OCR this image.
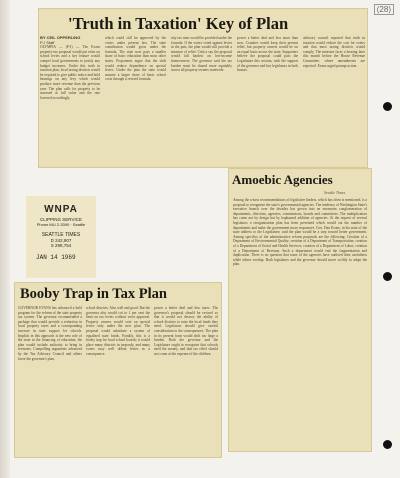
(28)
'Truth in Taxation' Key of Plan
BY CEIL OPPERLING
P-I Staff
OLYMPIA — (P-I) — The Evans property-tax proposal would put reins on school levies and a key feature would compel local governments to justify any budget increases. Under this truth in taxation plan, local taxing districts would be required to give public notice and hold hearings on any levy which would produce more revenue than the previous year. The plan calls for property to be assessed at full value and the rate lowered accordingly.
which could still be approved by the voters under present law. The state contribution would grow under the formula. The state now pays a smaller share of basic education than most other states. Proponents argue that the shift would reduce dependence on special levies. Under the plan the state would assume a larger share of basic school costs through a revised formula.
nity tax rates would be provided under the formula. If the voters voted against levies in the past, the plan would still provide a measure of relief. Critics say the proposal would fall hardest on low-income homeowners. The governor said the tax burden must be shared more equitably across all property owners statewide.
power a better deal and less taxes than now. Counties would keep their present relief, but property owners would be on an equal basis across the state. Supporters believe the proposal could pass the Legislature this session, with the support of the governor and key legislators in both houses.
advisory council reported that truth in taxation would reduce the cost for voters and that most taxing districts would comply. The measure faces a hearing later this month before the House Revenue Committee, where amendments are expected. Evans urged prompt action.
WNPA
CLIPPING SERVICE
Phone MU 2-3390 · Seattle
SEATTLE TIMES
D 242,907
S 298,754
JAN 14 1969
Amoebic Agencies
Seattle Times
Among the wisest recommendations of legislative leaders, which has often is mentioned, is a proposal to reorganize the state's governmental agencies. The tendency of Washington State's executive branch over the decades has grown into an enormous conglomeration of departments, divisions, agencies, commissions, boards and committees. The multiplication has come not by design but by haphazard addition of agencies. At the request of several legislators a reorganization plan has been presented which would cut the number of departments and make the government more responsive. Gov. Dan Evans, in his state of the state address to the Legislature, said the plan would be a step toward better government. Among specifics of the administrative reform proposals are the following: Creation of a Department of Environmental Quality; creation of a Department of Transportation; creation of a Department of Social and Health Services; creation of a Department of Labor; creation of a Department of Revenue. Such a department would end the fragmentation and duplication. There is no question that some of the agencies have outlived their usefulness while others overlap. Both legislators and the governor should move swiftly to adopt the plan.
Booby Trap in Tax Plan
GOVERNOR EVANS has advanced a bold program for the reform of the state property tax system. The governor recommended a package that would provide a reduction in local property taxes and a corresponding increase in state support for schools. Implicit in this approach is the new role of the state in the financing of education; the plan would include authority to bring in revenues. Compelling arguments advanced by the Tax Advisory Council and others favor the governor's plan.
school districts. Also well and good. But the governor also would cut to 1 per cent the limit on tax levies without voter approval. Property owners would vote on special levies only under the new plan. The proposal would substitute a system of equalized state funds. Frankly, this is a booby trap for local school boards; it would place many districts in jeopardy, and many voters may well defeat levies as a consequence.
power a better deal and less taxes. The governor's proposal should be revised so that it would not destroy the ability of school districts to raise the local funds they need. Legislators should give careful consideration to the consequences. The plan in its present form would shift too large a burden. Both the governor and the Legislature ought to recognize that schools need the money, and that tax relief should not come at the expense of the children.
